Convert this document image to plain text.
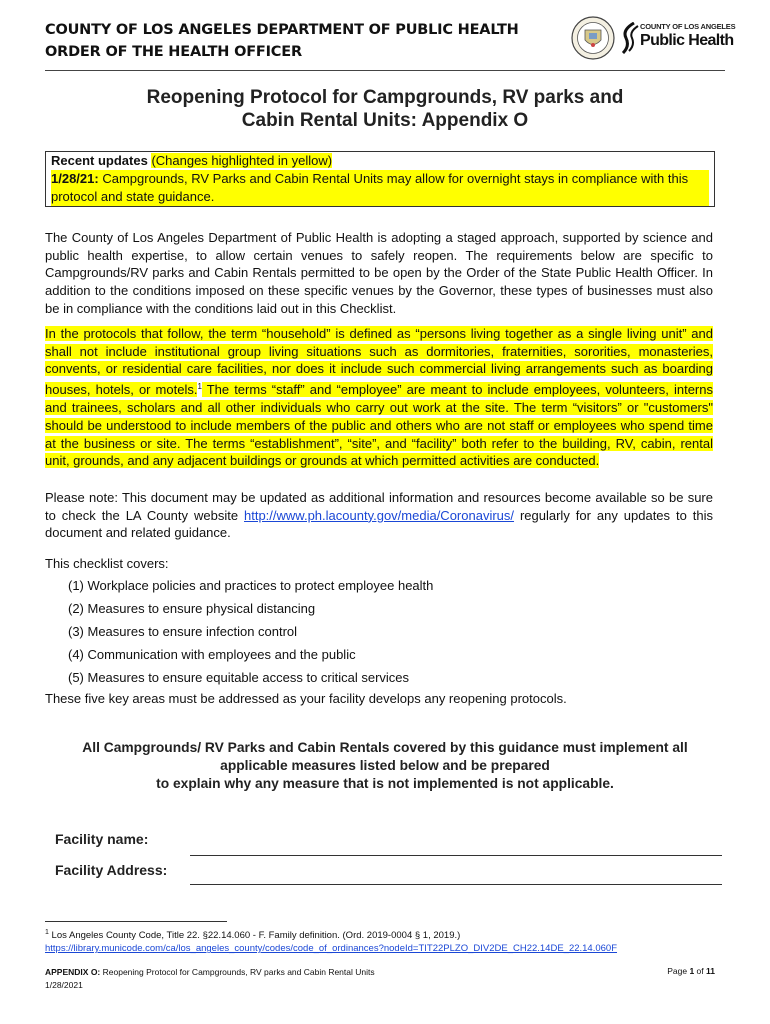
COUNTY OF LOS ANGELES DEPARTMENT OF PUBLIC HEALTH
ORDER OF THE HEALTH OFFICER
COUNTY OF LOS ANGELES
Public Health
Reopening Protocol for Campgrounds, RV parks and
Cabin Rental Units: Appendix O
Recent updates (Changes highlighted in yellow)
1/28/21: Campgrounds, RV Parks and Cabin Rental Units may allow for overnight stays in compliance with this protocol and state guidance.
The County of Los Angeles Department of Public Health is adopting a staged approach, supported by science and public health expertise, to allow certain venues to safely reopen. The requirements below are specific to Campgrounds/RV parks and Cabin Rentals permitted to be open by the Order of the State Public Health Officer. In addition to the conditions imposed on these specific venues by the Governor, these types of businesses must also be in compliance with the conditions laid out in this Checklist.
In the protocols that follow, the term “household” is defined as “persons living together as a single living unit” and shall not include institutional group living situations such as dormitories, fraternities, sororities, monasteries, convents, or residential care facilities, nor does it include such commercial living arrangements such as boarding houses, hotels, or motels.$^1$ The terms “staff” and “employee” are meant to include employees, volunteers, interns and trainees, scholars and all other individuals who carry out work at the site. The term “visitors” or "customers" should be understood to include members of the public and others who are not staff or employees who spend time at the business or site. The terms “establishment”, “site”, and “facility” both refer to the building, RV, cabin, rental unit, grounds, and any adjacent buildings or grounds at which permitted activities are conducted.
Please note: This document may be updated as additional information and resources become available so be sure to check the LA County website http://www.ph.lacounty.gov/media/Coronavirus/ regularly for any updates to this document and related guidance.
This checklist covers:
(1) Workplace policies and practices to protect employee health
(2) Measures to ensure physical distancing
(3) Measures to ensure infection control
(4) Communication with employees and the public
(5) Measures to ensure equitable access to critical services
These five key areas must be addressed as your facility develops any reopening protocols.
All Campgrounds/ RV Parks and Cabin Rentals covered by this guidance must implement all
applicable measures listed below and be prepared
to explain why any measure that is not implemented is not applicable.
Facility name:
Facility Address:
$^1$ Los Angeles County Code, Title 22. §22.14.060 - F. Family definition. (Ord. 2019-0004 § 1, 2019.)
https://library.municode.com/ca/los_angeles_county/codes/code_of_ordinances?nodeId=TIT22PLZO_DIV2DE_CH22.14DE_22.14.060F
APPENDIX O: Reopening Protocol for Campgrounds, RV parks and Cabin Rental Units
1/28/2021
Page 1 of 11
